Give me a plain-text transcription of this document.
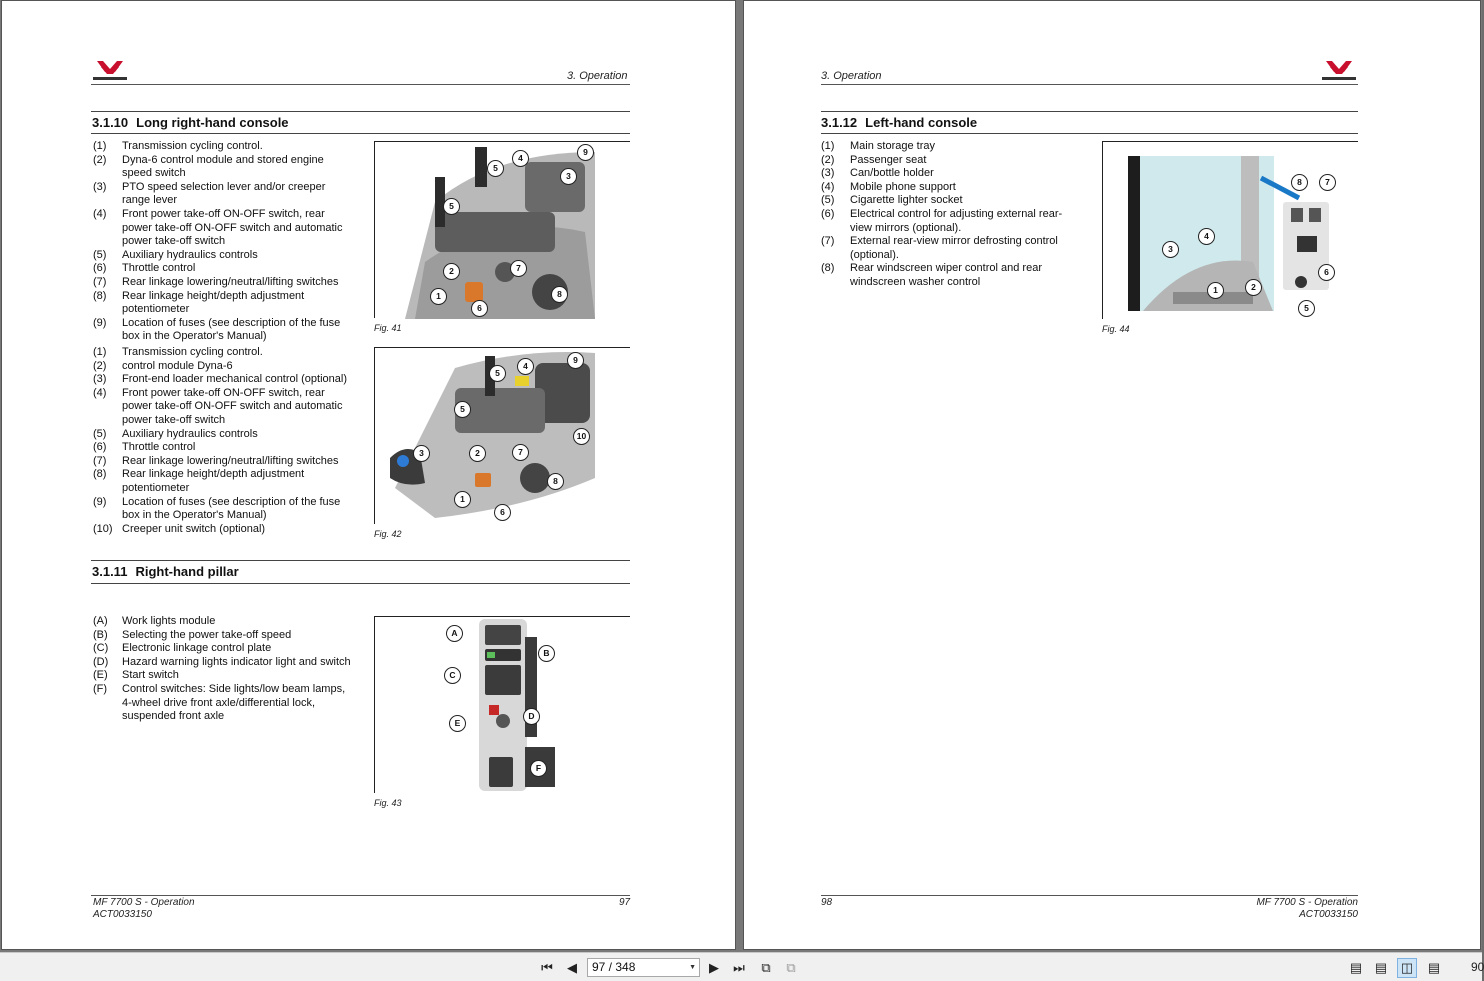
3. Operation
3.1.10 Long right-hand console
(1)	Transmission cycling control.
(2)	Dyna-6 control module and stored engine speed switch
(3)	PTO speed selection lever and/or creeper range lever
(4)	Front power take-off ON-OFF switch, rear power take-off ON-OFF switch and automatic power take-off switch
(5)	Auxiliary hydraulics controls
(6)	Throttle control
(7)	Rear linkage lowering/neutral/lifting switches
(8)	Rear linkage height/depth adjustment potentiometer
(9)	Location of fuses (see description of the fuse box in the Operator's Manual)
9
4
5
3
5
2	7
1
6
8
Fig. 41
(1)	Transmission cycling control.
(2)	control module Dyna-6
(3)	Front-end loader mechanical control (optional)
(4)	Front power take-off ON-OFF switch, rear power take-off ON-OFF switch and automatic power take-off switch
(5)	Auxiliary hydraulics controls
(6)	Throttle control
(7)	Rear linkage lowering/neutral/lifting switches
(8)	Rear linkage height/depth adjustment potentiometer
(9)	Location of fuses (see description of the fuse box in the Operator's Manual)
(10) Creeper unit switch (optional)
9
4
5
5
10
3	2	7
1
8
6
Fig. 42
3.1.11 Right-hand pillar
(A)	Work lights module
(B)	Selecting the power take-off speed
(C)	Electronic linkage control plate
(D)	Hazard warning lights indicator light and switch
(E)	Start switch
(F)	Control switches: Side lights/low beam lamps, 4-wheel drive front axle/differential lock, suspended front axle
A
B
C
D
E
F
Fig. 43
MF 7700 S - Operation
ACT0033150
97
3. Operation
3.1.12 Left-hand console
(1)	Main storage tray
(2)	Passenger seat
(3)	Can/bottle holder
(4)	Mobile phone support
(5)	Cigarette lighter socket
(6)	Electrical control for adjusting external rear-view mirrors (optional).
(7)	External rear-view mirror defrosting control (optional).
(8)	Rear windscreen wiper control and rear windscreen washer control
8	7
4
3
6
1	2
5
Fig. 44
98	MF 7700 S - Operation
ACT0033150
⏮	◀	97 / 348	▼	▶	⏭	⧉	⧉	▤ ▤ ◫ ▤	90
